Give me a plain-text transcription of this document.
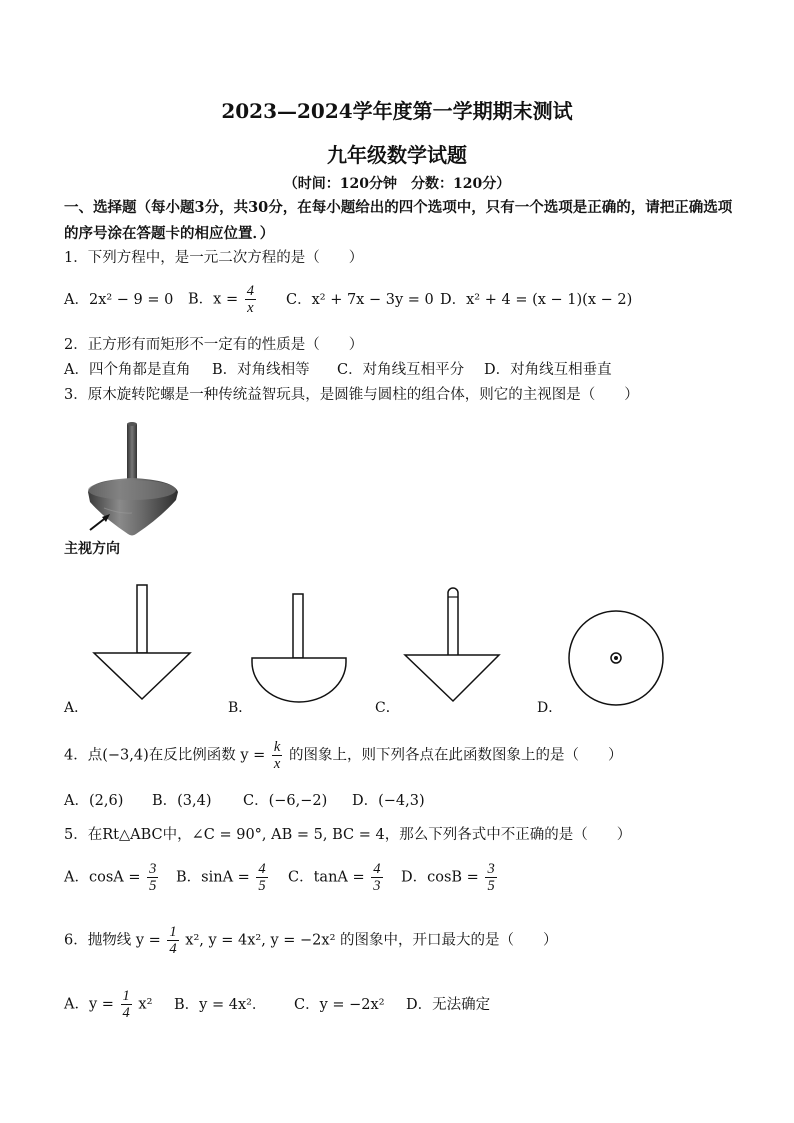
2023—2024学年度第一学期期末测试
九年级数学试题
（时间：120分钟　分数：120分）
一、选择题（每小题3分，共30分，在每小题给出的四个选项中，只有一个选项是正确的，请把正确选项的序号涂在答题卡的相应位置．）
1．下列方程中，是一元二次方程的是（　　）
A．2x² − 9 = 0 B．$x = \frac{4}{x}$ C．x² + 7x − 3y = 0 D．x² + 4 = (x − 1)(x − 2)
2．正方形有而矩形不一定有的性质是（　　）
A．四个角都是直角 B．对角线相等 C．对角线互相平分 D．对角线互相垂直
3．原木旋转陀螺是一种传统益智玩具，是圆锥与圆柱的组合体，则它的主视图是（　　）
主视方向
A．	B．	C．	D．
4．点(−3,4)在反比例函数 $y = \frac{k}{x}$ 的图象上，则下列各点在此函数图象上的是（　　）
A．(2,6) B．(3,4) C．(−6,−2) D．(−4,3)
5．在Rt△ABC中，∠C = 90°, AB = 5, BC = 4，那么下列各式中不正确的是（　　）
A．$\cos A = \frac{3}{5}$ B．$\sin A = \frac{4}{5}$ C．$\tan A = \frac{4}{3}$ D．$\cos B = \frac{3}{5}$
6．抛物线 $y = \frac{1}{4} x^2$, y = 4x², y = −2x² 的图象中，开口最大的是（　　）
A．$y = \frac{1}{4} x^2$ B．y = 4x²． C．y = −2x² D．无法确定
